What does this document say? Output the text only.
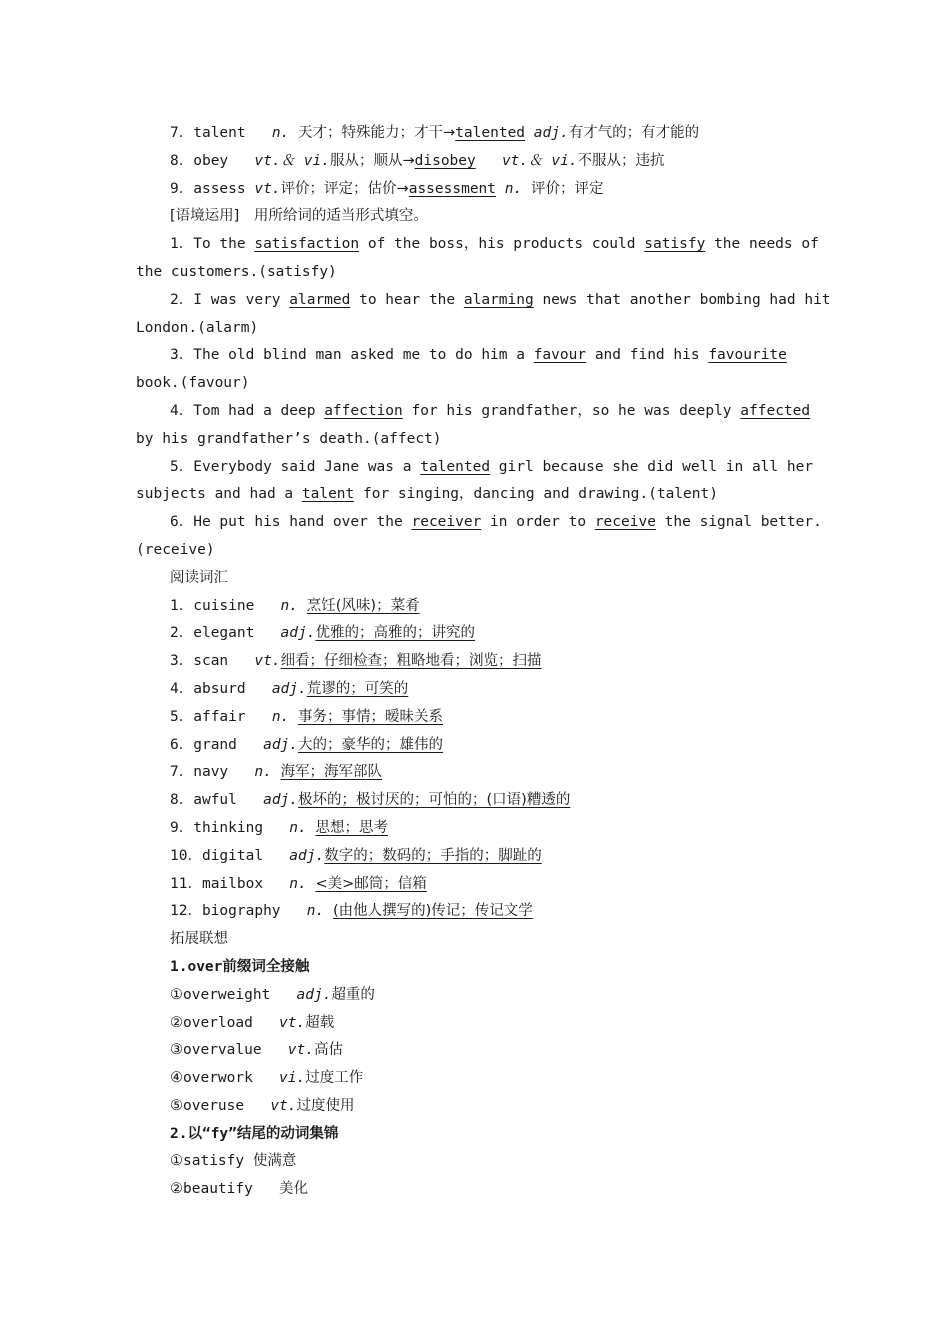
7．talent n. 天才；特殊能力；才干→talented adj.有才气的；有才能的
8．obey vt.＆ vi.服从；顺从→disobey vt.＆ vi.不服从；违抗
9．assess vt.评价；评定；估价→assessment n. 评价；评定
[语境运用]　用所给词的适当形式填空。
1．To the satisfaction of the boss，his products could satisfy the needs of
the customers.(satisfy)
2．I was very alarmed to hear the alarming news that another bombing had hit
London.(alarm)
3．The old blind man asked me to do him a favour and find his favourite
book.(favour)
4．Tom had a deep affection for his grandfather，so he was deeply affected
by his grandfather’s death.(affect)
5．Everybody said Jane was a talented girl because she did well in all her
subjects and had a talent for singing，dancing and drawing.(talent)
6．He put his hand over the receiver in order to receive the signal better.
(receive)
阅读词汇
1．cuisine n. 烹饪(风味)；菜肴
2．elegant adj.优雅的；高雅的；讲究的
3．scan vt.细看；仔细检查；粗略地看；浏览；扫描
4．absurd adj.荒谬的；可笑的
5．affair n. 事务；事情；暧昧关系
6．grand adj.大的；豪华的；雄伟的
7．navy n. 海军；海军部队
8．awful adj.极坏的；极讨厌的；可怕的；(口语)糟透的
9．thinking n. 思想；思考
10．digital adj.数字的；数码的；手指的；脚趾的
11．mailbox n. <美>邮筒；信箱
12．biography n. (由他人撰写的)传记；传记文学
拓展联想
1.over前缀词全接触
①overweight adj.超重的
②overload vt.超载
③overvalue vt.高估
④overwork vi.过度工作
⑤overuse vt.过度使用
2.以“fy”结尾的动词集锦
①satisfy 使满意
②beautify 美化
